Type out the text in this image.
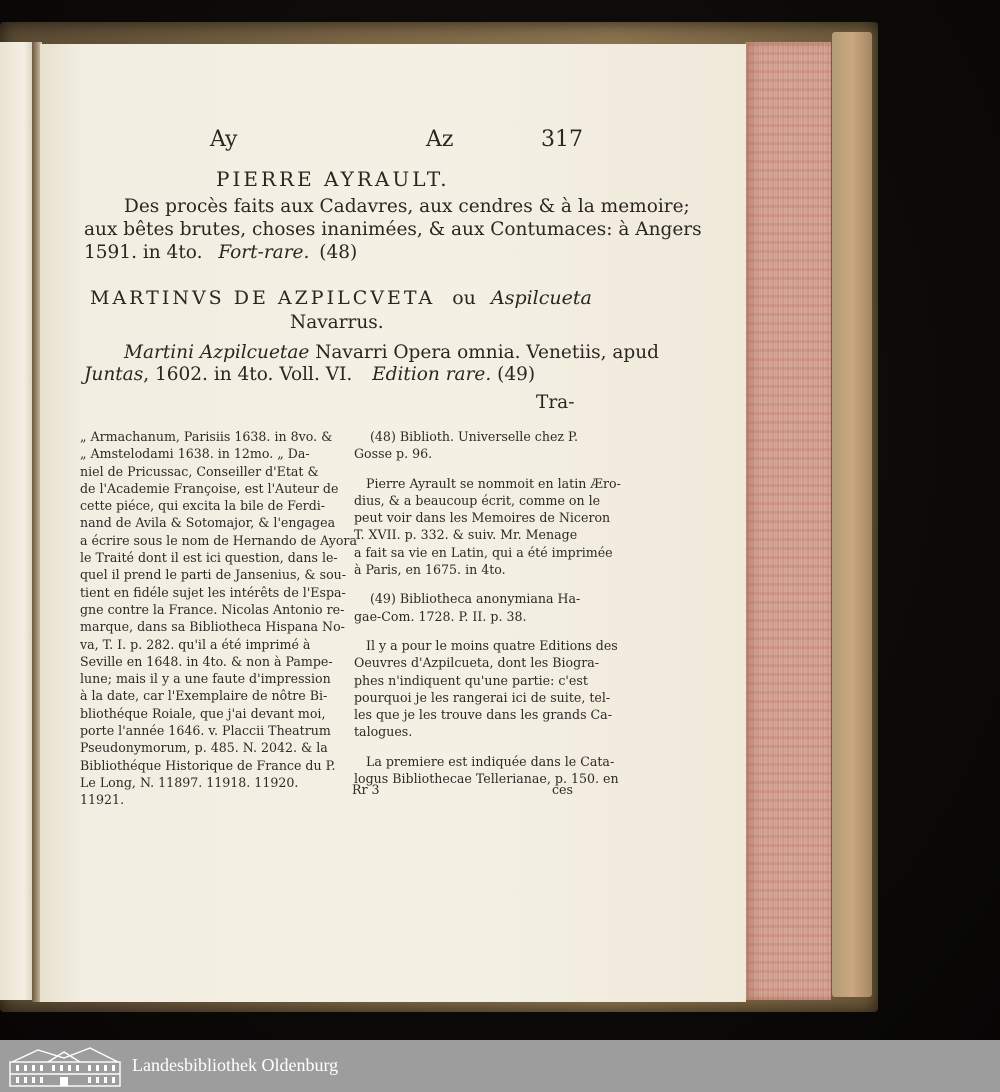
Ay	Az	317
PIERRE AYRAULT.
Des procès faits aux Cadavres, aux cendres & à la memoire;
aux bêtes brutes, choses inanimées, & aux Contumaces: à Angers
1591. in 4to. Fort-rare. (48)
MARTINVS DE AZPILCVETA ou Aspilcueta
Navarrus.
Martini Azpilcuetae Navarri Opera omnia. Venetiis, apud
Juntas, 1602. in 4to. Voll. VI. Edition rare. (49)
Tra-
„ Armachanum, Parisiis 1638. in 8vo. &
„ Amstelodami 1638. in 12mo. „ Da-
niel de Pricussac, Conseiller d'Etat &
de l'Academie Françoise, est l'Auteur de
cette piéce, qui excita la bile de Ferdi-
nand de Avila & Sotomajor, & l'engagea
a écrire sous le nom de Hernando de Ayora
le Traité dont il est ici question, dans le-
quel il prend le parti de Jansenius, & sou-
tient en fidéle sujet les intérêts de l'Espa-
gne contre la France. Nicolas Antonio re-
marque, dans sa Bibliotheca Hispana No-
va, T. I. p. 282. qu'il a été imprimé à
Seville en 1648. in 4to. & non à Pampe-
lune; mais il y a une faute d'impression
à la date, car l'Exemplaire de nôtre Bi-
bliothéque Roiale, que j'ai devant moi,
porte l'année 1646. v. Placcii Theatrum
Pseudonymorum, p. 485. N. 2042. & la
Bibliothéque Historique de France du P.
Le Long, N. 11897. 11918. 11920.
11921.
(48) Biblioth. Universelle chez P.
Gosse p. 96.
Pierre Ayrault se nommoit en latin Æro-
dius, & a beaucoup écrit, comme on le
peut voir dans les Memoires de Niceron
T. XVII. p. 332. & suiv. Mr. Menage
a fait sa vie en Latin, qui a été imprimée
à Paris, en 1675. in 4to.
(49) Bibliotheca anonymiana Ha-
gae-Com. 1728. P. II. p. 38.
Il y a pour le moins quatre Editions des
Oeuvres d'Azpilcueta, dont les Biogra-
phes n'indiquent qu'une partie: c'est
pourquoi je les rangerai ici de suite, tel-
les que je les trouve dans les grands Ca-
talogues.
La premiere est indiquée dans le Cata-
logus Bibliothecae Tellerianae, p. 150. en
Rr 3	ces
Landesbibliothek Oldenburg
